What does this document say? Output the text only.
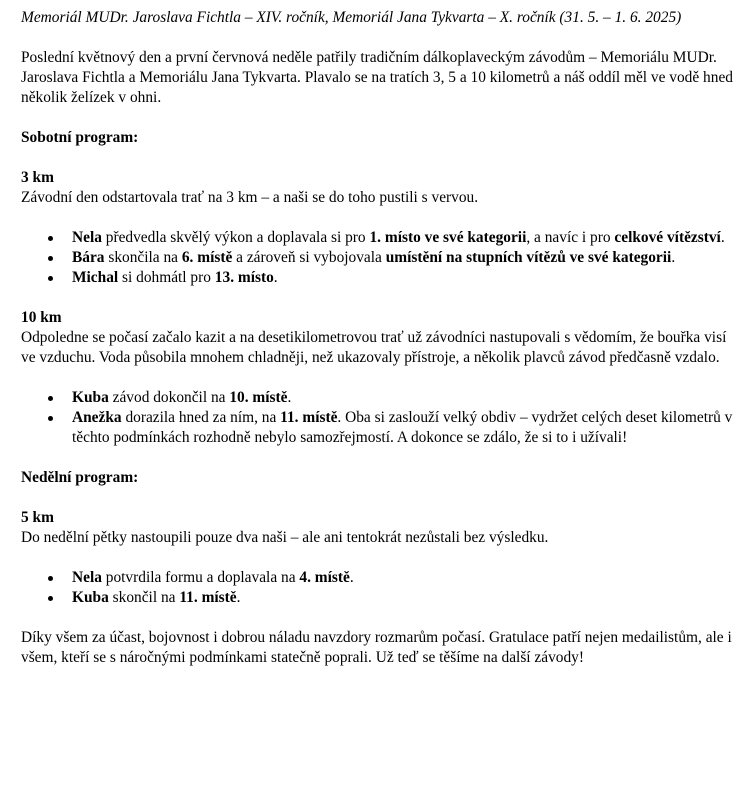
Memoriál MUDr. Jaroslava Fichtla – XIV. ročník, Memoriál Jana Tykvarta – X. ročník (31. 5. – 1. 6. 2025)

Poslední květnový den a první červnová neděle patřily tradičním dálkoplaveckým závodům – Memoriálu MUDr. Jaroslava Fichtla a Memoriálu Jana Tykvarta. Plavalo se na tratích 3, 5 a 10 kilometrů a náš oddíl měl ve vodě hned několik želízek v ohni.

Sobotní program:

3 km

Závodní den odstartovala trať na 3 km – a naši se do toho pustili s vervou.

Nela předvedla skvělý výkon a doplavala si pro 1. místo ve své kategorii, a navíc i pro celkové vítězství.
Bára skončila na 6. místě a zároveň si vybojovala umístění na stupních vítězů ve své kategorii.
Michal si dohmátl pro 13. místo.

10 km

Odpoledne se počasí začalo kazit a na desetikilometrovou trať už závodníci nastupovali s vědomím, že bouřka visí ve vzduchu. Voda působila mnohem chladněji, než ukazovaly přístroje, a několik plavců závod předčasně vzdalo.

Kuba závod dokončil na 10. místě.
Anežka dorazila hned za ním, na 11. místě. Oba si zaslouží velký obdiv – vydržet celých deset kilometrů v těchto podmínkách rozhodně nebylo samozřejmostí. A dokonce se zdálo, že si to i užívali!

Nedělní program:

5 km

Do nedělní pětky nastoupili pouze dva naši – ale ani tentokrát nezůstali bez výsledku.

Nela potvrdila formu a doplavala na 4. místě.
Kuba skončil na 11. místě.

Díky všem za účast, bojovnost i dobrou náladu navzdory rozmarům počasí. Gratulace patří nejen medailistům, ale i všem, kteří se s náročnými podmínkami statečně poprali. Už teď se těšíme na další závody!
